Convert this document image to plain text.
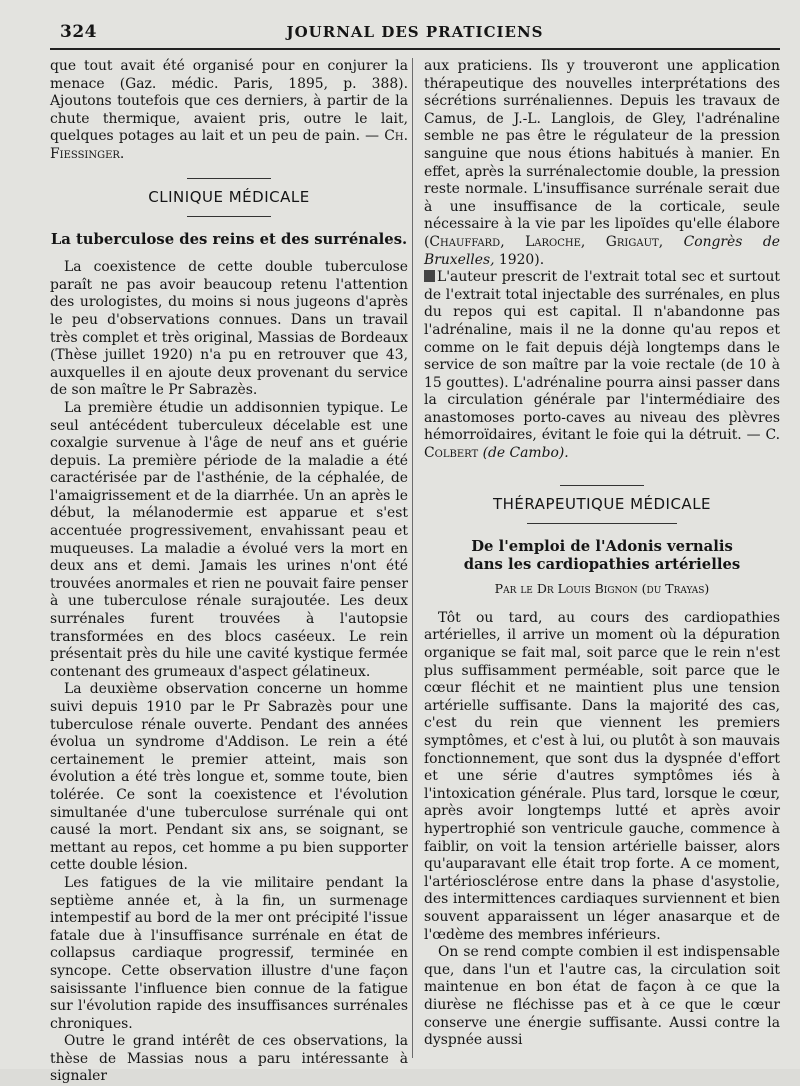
324	JOURNAL DES PRATICIENS

que tout avait été organisé pour en conjurer la menace (Gaz. médic. Paris, 1895, p. 388). Ajoutons toutefois que ces derniers, à partir de la chute thermique, avaient pris, outre le lait, quelques potages au lait et un peu de pain. — Ch. Fiessinger.

CLINIQUE MÉDICALE
La tuberculose des reins et des surrénales.

La coexistence de cette double tuberculose paraît ne pas avoir beaucoup retenu l'attention des urologistes, du moins si nous jugeons d'après le peu d'observations connues. Dans un travail très complet et très original, Massias de Bordeaux (Thèse juillet 1920) n'a pu en retrouver que 43, auxquelles il en ajoute deux provenant du service de son maître le Pr Sabrazès.

La première étudie un addisonnien typique. Le seul antécédent tuberculeux décelable est une coxalgie survenue à l'âge de neuf ans et guérie depuis. La première période de la maladie a été caractérisée par de l'asthénie, de la céphalée, de l'amaigrissement et de la diarrhée. Un an après le début, la mélanodermie est apparue et s'est accentuée progressivement, envahissant peau et muqueuses. La maladie a évolué vers la mort en deux ans et demi. Jamais les urines n'ont été trouvées anormales et rien ne pouvait faire penser à une tuberculose rénale surajoutée. Les deux surrénales furent trouvées à l'autopsie transformées en des blocs caséeux. Le rein présentait près du hile une cavité kystique fermée contenant des grumeaux d'aspect gélatineux.

La deuxième observation concerne un homme suivi depuis 1910 par le Pr Sabrazès pour une tuberculose rénale ouverte. Pendant des années évolua un syndrome d'Addison. Le rein a été certainement le premier atteint, mais son évolution a été très longue et, somme toute, bien tolérée. Ce sont la coexistence et l'évolution simultanée d'une tuberculose surrénale qui ont causé la mort. Pendant six ans, se soignant, se mettant au repos, cet homme a pu bien supporter cette double lésion.

Les fatigues de la vie militaire pendant la septième année et, à la fin, un surmenage intempestif au bord de la mer ont précipité l'issue fatale due à l'insuffisance surrénale en état de collapsus cardiaque progressif, terminée en syncope. Cette observation illustre d'une façon saisissante l'influence bien connue de la fatigue sur l'évolution rapide des insuffisances surrénales chroniques.

Outre le grand intérêt de ces observations, la thèse de Massias nous a paru intéressante à signaler

aux praticiens. Ils y trouveront une application thérapeutique des nouvelles interprétations des sécrétions surrénaliennes. Depuis les travaux de Camus, de J.-L. Langlois, de Gley, l'adrénaline semble ne pas être le régulateur de la pression sanguine que nous étions habitués à manier. En effet, après la surrénalectomie double, la pression reste normale. L'insuffisance surrénale serait due à une insuffisance de la corticale, seule nécessaire à la vie par les lipoïdes qu'elle élabore (Chauffard, Laroche, Grigaut, Congrès de Bruxelles, 1920).

L'auteur prescrit de l'extrait total sec et surtout de l'extrait total injectable des surrénales, en plus du repos qui est capital. Il n'abandonne pas l'adrénaline, mais il ne la donne qu'au repos et comme on le fait depuis déjà longtemps dans le service de son maître par la voie rectale (de 10 à 15 gouttes). L'adrénaline pourra ainsi passer dans la circulation générale par l'intermédiaire des anastomoses porto-caves au niveau des plèvres hémorroïdaires, évitant le foie qui la détruit. — C. Colbert (de Cambo).

THÉRAPEUTIQUE MÉDICALE
De l'emploi de l'Adonis vernalis
dans les cardiopathies artérielles
Par le Dr Louis Bignon (du Trayas)

Tôt ou tard, au cours des cardiopathies artérielles, il arrive un moment où la dépuration organique se fait mal, soit parce que le rein n'est plus suffisamment perméable, soit parce que le cœur fléchit et ne maintient plus une tension artérielle suffisante. Dans la majorité des cas, c'est du rein que viennent les premiers symptômes, et c'est à lui, ou plutôt à son mauvais fonctionnement, que sont dus la dyspnée d'effort et une série d'autres symptômes iés à l'intoxication générale. Plus tard, lorsque le cœur, après avoir longtemps lutté et après avoir hypertrophié son ventricule gauche, commence à faiblir, on voit la tension artérielle baisser, alors qu'auparavant elle était trop forte. A ce moment, l'artériosclérose entre dans la phase d'asystolie, des intermittences cardiaques surviennent et bien souvent apparaissent un léger anasarque et de l'œdème des membres inférieurs.

On se rend compte combien il est indispensable que, dans l'un et l'autre cas, la circulation soit maintenue en bon état de façon à ce que la diurèse ne fléchisse pas et à ce que le cœur conserve une énergie suffisante. Aussi contre la dyspnée aussi
